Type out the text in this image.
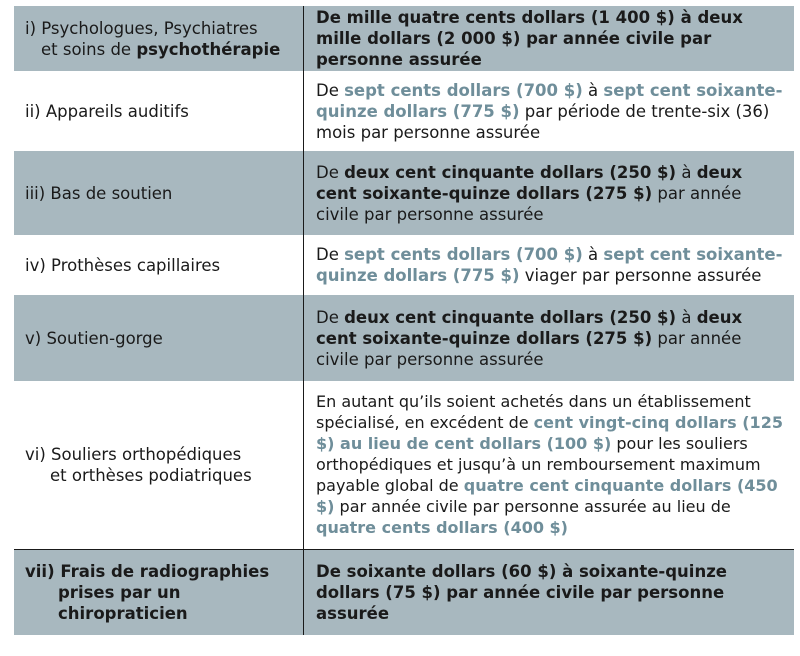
i) Psychologues, Psychiatres
et soins de psychothérapie	De mille quatre cents dollars (1 400 $) à deux mille dollars (2 000 $) par année civile par personne assurée
ii) Appareils auditifs	De sept cents dollars (700 $) à sept cent soixante-quinze dollars (775 $) par période de trente-six (36) mois par personne assurée
iii) Bas de soutien	De deux cent cinquante dollars (250 $) à deux cent soixante-quinze dollars (275 $) par année civile par personne assurée
iv) Prothèses capillaires	De sept cents dollars (700 $) à sept cent soixante-quinze dollars (775 $) viager par personne assurée
v) Soutien-gorge	De deux cent cinquante dollars (250 $) à deux cent soixante-quinze dollars (275 $) par année civile par personne assurée
vi) Souliers orthopédiques
et orthèses podiatriques	En autant qu’ils soient achetés dans un établissement spécialisé, en excédent de cent vingt-cinq dollars (125 $) au lieu de cent dollars (100 $) pour les souliers orthopédiques et jusqu’à un remboursement maximum payable global de quatre cent cinquante dollars (450 $) par année civile par personne assurée au lieu de quatre cents dollars (400 $)
vii) Frais de radiographies
prises par un
chiropraticien	De soixante dollars (60 $) à soixante-quinze dollars (75 $) par année civile par personne assurée
